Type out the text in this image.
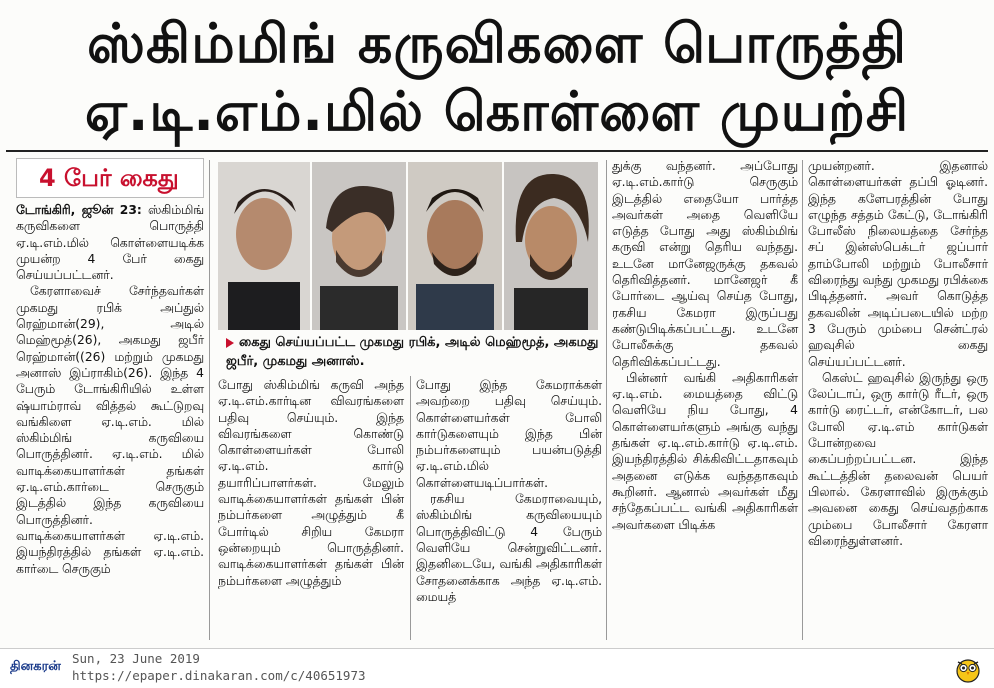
ஸ்கிம்மிங் கருவிகளை பொருத்தி
ஏ.டி.எம்.மில் கொள்ளை முயற்சி
4 பேர் கைது

டோங்கிரி, ஜூன் 23: ஸ்கிம்மிங் கருவிகளை பொருத்தி ஏ.டி.எம்.மில் கொள்ளையடிக்க முயன்ற 4 பேர் கைது செய்யப்பட்டனர்.

கேரளாவைச் சேர்ந்தவர்கள் முகமது ரபிக் அப்துல் ரெஹ்மான்(29), அடில் மெஹ்மூத்(26), அகமது ஜபீர் ரெஹ்மான்((26) மற்றும் முகமது அனாஸ் இப்ராகிம்(26). இந்த 4 பேரும் டோங்கிரியில் உள்ள ஷ்யாம்ராவ் வித்தல் கூட்டுறவு வங்கிளை ஏ.டி.எம். மில் ஸ்கிம்மிங் கருவியை பொருத்தினர். ஏ.டி.எம். மில் வாடிக்கையாளர்கள் தங்கள் ஏ.டி.எம்.கார்டை செருகும் இடத்தில் இந்த கருவியை பொருத்தினர். வாடிக்கையாளர்கள் ஏ.டி.எம். இயந்திரத்தில் தங்கள் ஏ.டி.எம். கார்டை செருகும்

கைது செய்யப்பட்ட முகமது ரபிக், அடில் மெஹ்மூத், அகமது ஜபீர், முகமது அனாஸ்.

போது ஸ்கிம்மிங் கருவி அந்த ஏ.டி.எம்.கார்டின விவரங்களை பதிவு செய்யும். இந்த விவரங்களை கொண்டு கொள்ளையர்கள் போலி ஏ.டி.எம். கார்டு தயாரிப்பாளர்கள். மேலும் வாடிக்கையாளர்கள் தங்கள் பின் நம்பர்களை அழுத்தும் கீ போர்டில் சிறிய கேமரா ஒன்றையும் பொருத்தினர். வாடிக்கையாளர்கள் தங்கள் பின் நம்பர்களை அழுத்தும்

போது இந்த கேமராக்கள் அவற்றை பதிவு செய்யும். கொள்ளையர்கள் போலி கார்டுகளையும் இந்த பின் நம்பர்களையும் பயன்படுத்தி ஏ.டி.எம்.மில் கொள்ளையடிப்பார்கள்.

ரகசிய கேமராவையும், ஸ்கிம்மிங் கருவியையும் பொருத்திவிட்டு 4 பேரும் வெளியே சென்றுவிட்டனர். இதனிடையே, வங்கி அதிகாரிகள் சோதனைக்காக அந்த ஏ.டி.எம். மையத்

துக்கு வந்தனர். அப்போது ஏ.டி.எம்.கார்டு செருகும் இடத்தில் எதையோ பார்த்த அவர்கள் அதை வெளியே எடுத்த போது அது ஸ்கிம்மிங் கருவி என்று தெரிய வந்தது. உடனே மானேஜருக்கு தகவல் தெரிவித்தனர். மானேஜர் கீ போர்டை ஆய்வு செய்த போது, ரகசிய கேமரா இருப்பது கண்டுபிடிக்கப்பட்டது. உடனே போலீசுக்கு தகவல் தெரிவிக்கப்பட்டது.

பின்னர் வங்கி அதிகாரிகள் ஏ.டி.எம். மையத்தை விட்டு வெளியே நிய போது, 4 கொள்ளையர்களும் அங்கு வந்து தங்கள் ஏ.டி.எம்.கார்டு ஏ.டி.எம். இயந்திரத்தில் சிக்கிவிட்டதாகவும் அதனை எடுக்க வந்ததாகவும் கூறினர். ஆனால் அவர்கள் மீது சந்தேகப்பட்ட வங்கி அதிகாரிகள் அவர்களை பிடிக்க

முயன்றனர். இதனால் கொள்ளையர்கள் தப்பி ஓடினர். இந்த களேபரத்தின் போது எழுந்த சத்தம் கேட்டு, டோங்கிரி போலீஸ் நிலையத்தை சேர்ந்த சப் இன்ஸ்பெக்டர் ஜப்பார் தாம்போலி மற்றும் போலீசார் விரைந்து வந்து முகமது ரபிக்கை பிடித்தனர். அவர் கொடுத்த தகவலின் அடிப்படையில் மற்ற 3 பேரும் மும்பை சென்ட்ரல் ஹவுசில் கைது செய்யப்பட்டனர்.

கெஸ்ட் ஹவுசில் இருந்து ஒரு லேப்டாப், ஒரு கார்டு ரீடர், ஒரு கார்டு ரைட்டர், என்கோடர், பல போலி ஏ.டி.எம் கார்டுகள் போன்றவை கைப்பற்றப்பட்டன. இந்த கூட்டத்தின் தலைவன் பெயர் பிலால். கேரளாவில் இருக்கும் அவனை கைது செய்வதற்காக மும்பை போலீசார் கேரளா விரைந்துள்ளனர்.

தினகரன்
Sun, 23 June 2019
https://epaper.dinakaran.com/c/40651973
